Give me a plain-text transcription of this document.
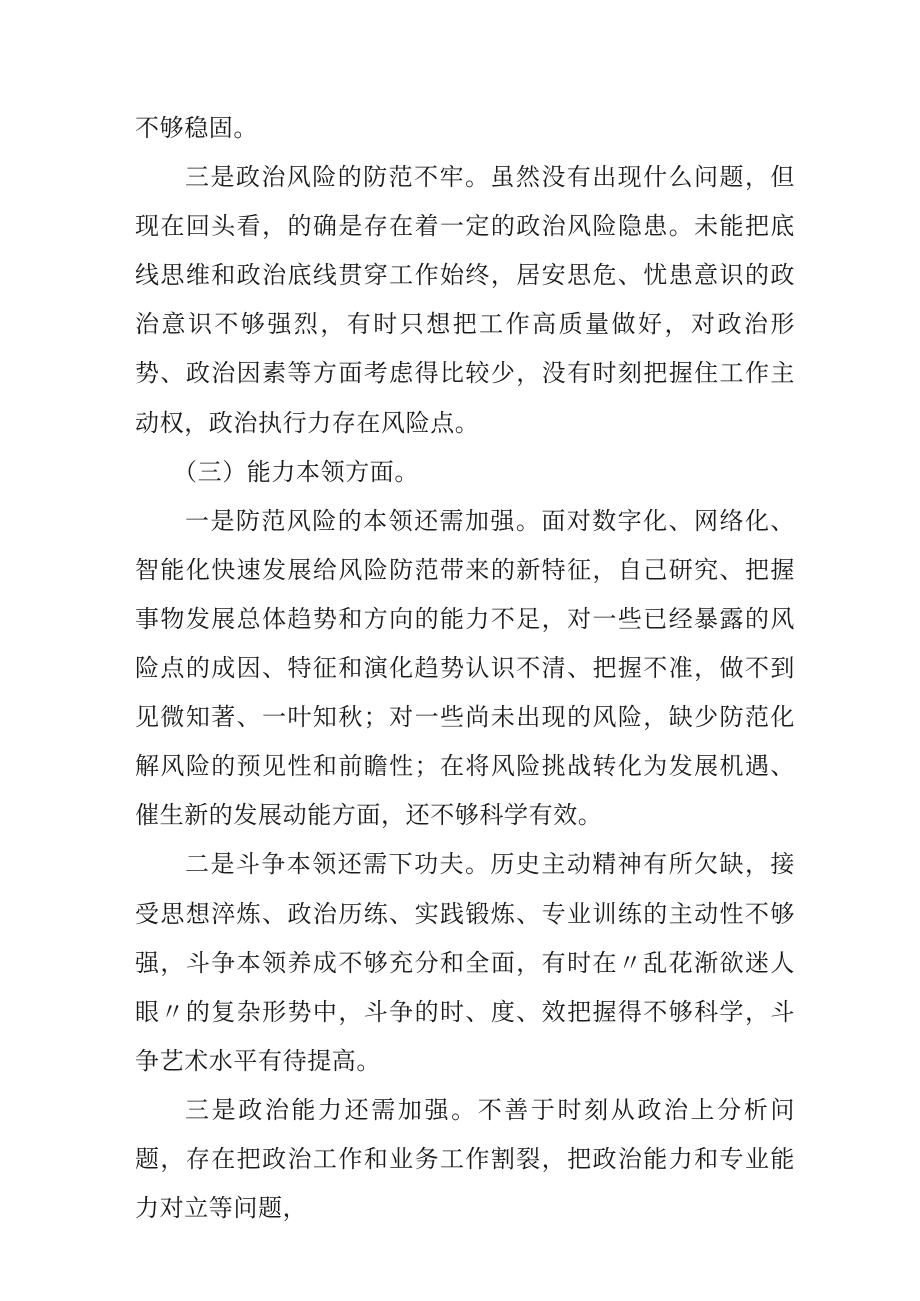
不够稳固。

三是政治风险的防范不牢。虽然没有出现什么问题，但现在回头看，的确是存在着一定的政治风险隐患。未能把底线思维和政治底线贯穿工作始终，居安思危、忧患意识的政治意识不够强烈，有时只想把工作高质量做好，对政治形势、政治因素等方面考虑得比较少，没有时刻把握住工作主动权，政治执行力存在风险点。

（三）能力本领方面。

一是防范风险的本领还需加强。面对数字化、网络化、智能化快速发展给风险防范带来的新特征，自己研究、把握事物发展总体趋势和方向的能力不足，对一些已经暴露的风险点的成因、特征和演化趋势认识不清、把握不准，做不到见微知著、一叶知秋；对一些尚未出现的风险，缺少防范化解风险的预见性和前瞻性；在将风险挑战转化为发展机遇、催生新的发展动能方面，还不够科学有效。

二是斗争本领还需下功夫。历史主动精神有所欠缺，接受思想淬炼、政治历练、实践锻炼、专业训练的主动性不够强，斗争本领养成不够充分和全面，有时在〃乱花渐欲迷人眼〃的复杂形势中，斗争的时、度、效把握得不够科学，斗争艺术水平有待提高。

三是政治能力还需加强。不善于时刻从政治上分析问题，存在把政治工作和业务工作割裂，把政治能力和专业能力对立等问题，
